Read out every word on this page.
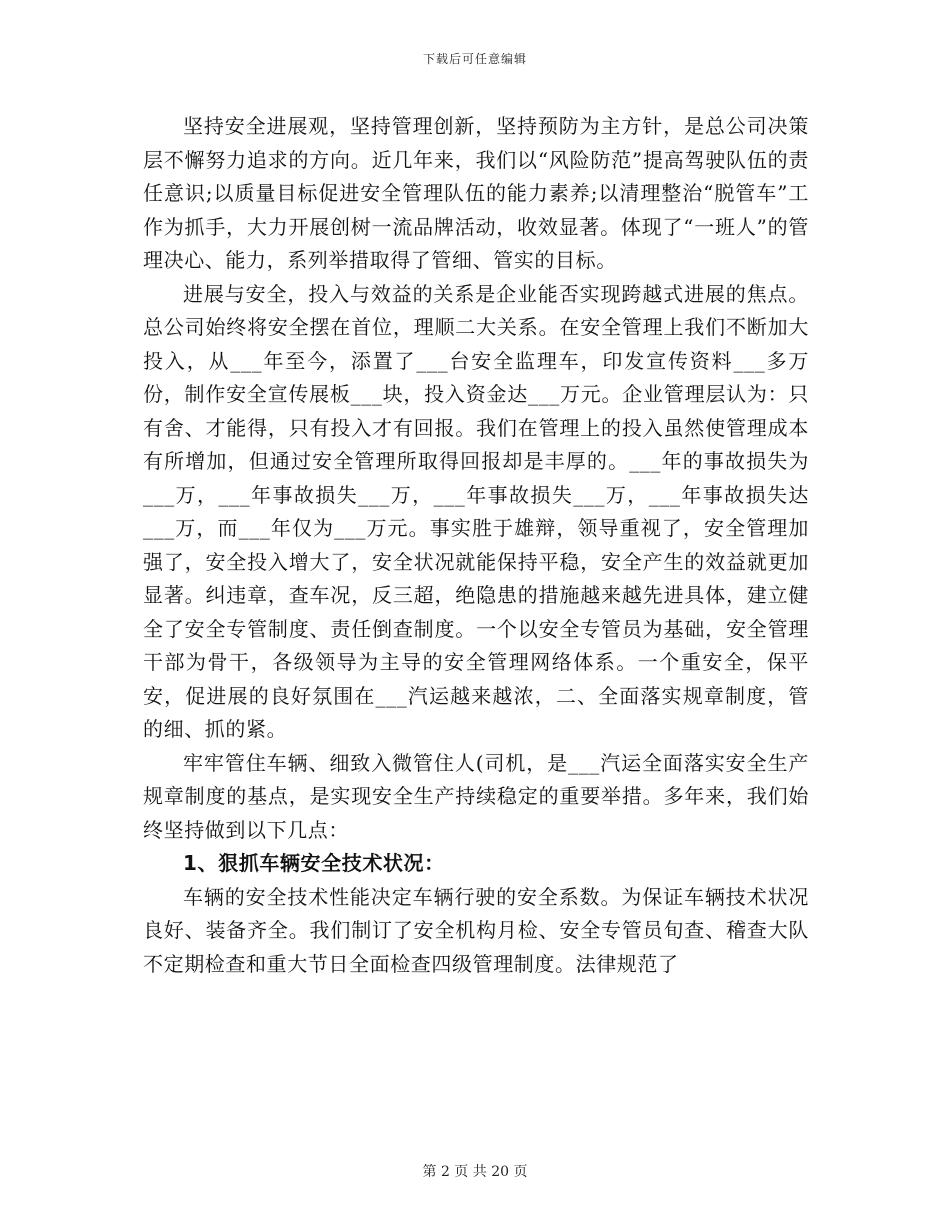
下载后可任意编辑

坚持安全进展观，坚持管理创新，坚持预防为主方针，是总公司决策层不懈努力追求的方向。近几年来，我们以“风险防范”提高驾驶队伍的责任意识;以质量目标促进安全管理队伍的能力素养;以清理整治“脱管车”工作为抓手，大力开展创树一流品牌活动，收效显著。体现了“一班人”的管理决心、能力，系列举措取得了管细、管实的目标。

进展与安全，投入与效益的关系是企业能否实现跨越式进展的焦点。总公司始终将安全摆在首位，理顺二大关系。在安全管理上我们不断加大投入，从___年至今，添置了___台安全监理车，印发宣传资料___多万份，制作安全宣传展板___块，投入资金达___万元。企业管理层认为：只有舍、才能得，只有投入才有回报。我们在管理上的投入虽然使管理成本有所增加，但通过安全管理所取得回报却是丰厚的。___年的事故损失为___万，___年事故损失___万，___年事故损失___万，___年事故损失达___万，而___年仅为___万元。事实胜于雄辩，领导重视了，安全管理加强了，安全投入增大了，安全状况就能保持平稳，安全产生的效益就更加显著。纠违章，查车况，反三超，绝隐患的措施越来越先进具体，建立健全了安全专管制度、责任倒查制度。一个以安全专管员为基础，安全管理干部为骨干，各级领导为主导的安全管理网络体系。一个重安全，保平安，促进展的良好氛围在___汽运越来越浓，二、全面落实规章制度，管的细、抓的紧。

牢牢管住车辆、细致入微管住人(司机，是___汽运全面落实安全生产规章制度的基点，是实现安全生产持续稳定的重要举措。多年来，我们始终坚持做到以下几点：

1、狠抓车辆安全技术状况：

车辆的安全技术性能决定车辆行驶的安全系数。为保证车辆技术状况良好、装备齐全。我们制订了安全机构月检、安全专管员旬查、稽查大队不定期检查和重大节日全面检查四级管理制度。法律规范了

第 2 页 共 20 页
